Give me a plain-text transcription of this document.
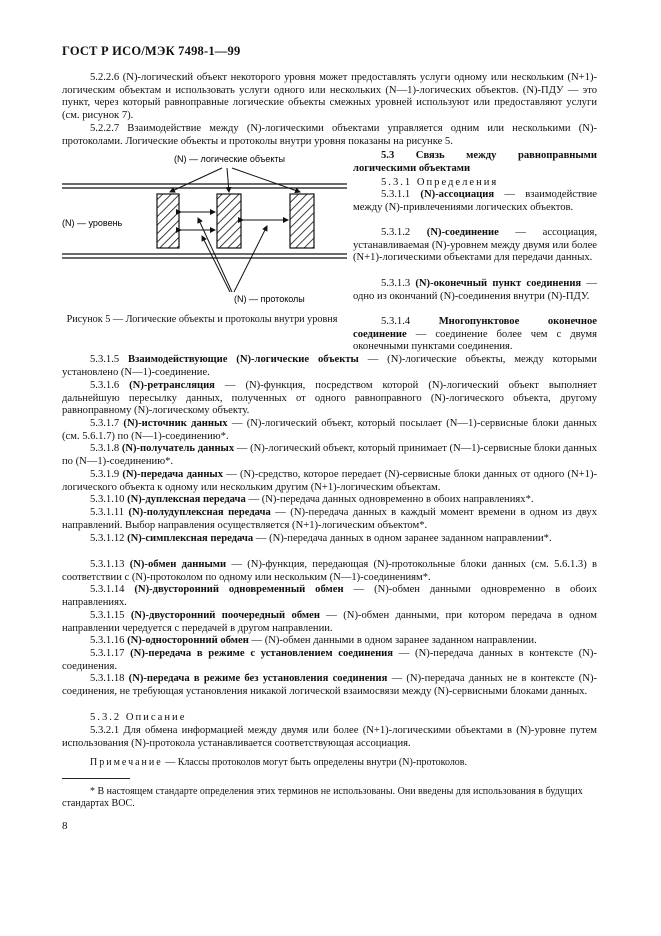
ГОСТ Р ИСО/МЭК 7498-1—99
5.2.2.6 (N)-логический объект некоторого уровня может предоставлять услуги одному или нескольким (N+1)-логическим объектам и использовать услуги одного или нескольких (N—1)-логических объектов. (N)-ПДУ — это пункт, через который равноправные логические объекты смежных уровней используют или предоставляют услуги (см. рисунок 7).
5.2.2.7 Взаимодействие между (N)-логическими объектами управляется одним или несколькими (N)-протоколами. Логические объекты и протоколы внутри уровня показаны на рисунке 5.
(N) — логические объекты
(N) — уровень
(N) — протоколы
Рисунок 5 — Логические объекты и протоколы внутри уровня
5.3 Связь между равноправными логическими объектами
5.3.1 Определения
5.3.1.1 (N)-ассоциация — взаимодействие между (N)-привлечениями логических объектов.
5.3.1.2 (N)-соединение — ассоциация, устанавливаемая (N)-уровнем между двумя или более (N+1)-логическими объектами для передачи данных.
5.3.1.3 (N)-оконечный пункт соединения — одно из окончаний (N)-соединения внутри (N)-ПДУ.
5.3.1.4	Многопунктовое оконечное соединение — соединение более чем с двумя оконечными пунктами соединения.
5.3.1.5 Взаимодействующие (N)-логические объекты — (N)-логические объекты, между которыми установлено (N—1)-соединение.
5.3.1.6 (N)-ретрансляция — (N)-функция, посредством которой (N)-логический объект выполняет дальнейшую пересылку данных, полученных от одного равноправного (N)-логического объекта, другому равноправному (N)-логическому объекту.
5.3.1.7 (N)-источник данных — (N)-логический объект, который посылает (N—1)-сервисные блоки данных (см. 5.6.1.7) по (N—1)-соединению*.
5.3.1.8 (N)-получатель данных — (N)-логический объект, который принимает (N—1)-сервисные блоки данных по (N—1)-соединению*.
5.3.1.9 (N)-передача данных — (N)-средство, которое передает (N)-сервисные блоки данных от одного (N+1)-логического объекта к одному или нескольким другим (N+1)-логическим объектам.
5.3.1.10 (N)-дуплексная передача — (N)-передача данных одновременно в обоих направлениях*.
5.3.1.11 (N)-полудуплексная передача — (N)-передача данных в каждый момент времени в одном из двух направлений. Выбор направления осуществляется (N+1)-логическим объектом*.
5.3.1.12 (N)-симплексная передача — (N)-передача данных в одном заранее заданном направлении*.
5.3.1.13 (N)-обмен данными — (N)-функция, передающая (N)-протокольные блоки данных (см. 5.6.1.3) в соответствии с (N)-протоколом по одному или нескольким (N—1)-соединениям*.
5.3.1.14 (N)-двусторонний одновременный обмен — (N)-обмен данными одновременно в обоих направлениях.
5.3.1.15 (N)-двусторонний поочередный обмен — (N)-обмен данными, при котором передача в одном направлении чередуется с передачей в другом направлении.
5.3.1.16 (N)-односторонний обмен — (N)-обмен данными в одном заранее заданном направлении.
5.3.1.17 (N)-передача в режиме с установлением соединения — (N)-передача данных в контексте (N)-соединения.
5.3.1.18 (N)-передача в режиме без установления соединения — (N)-передача данных не в контексте (N)-соединения, не требующая установления никакой логической взаимосвязи между (N)-сервисными блоками данных.
5.3.2 Описание
5.3.2.1 Для обмена информацией между двумя или более (N+1)-логическими объектами в (N)-уровне путем использования (N)-протокола устанавливается соответствующая ассоциация.
Примечание — Классы протоколов могут быть определены внутри (N)-протоколов.
* В настоящем стандарте определения этих терминов не использованы. Они введены для использования в будущих стандартах ВОС.
8
